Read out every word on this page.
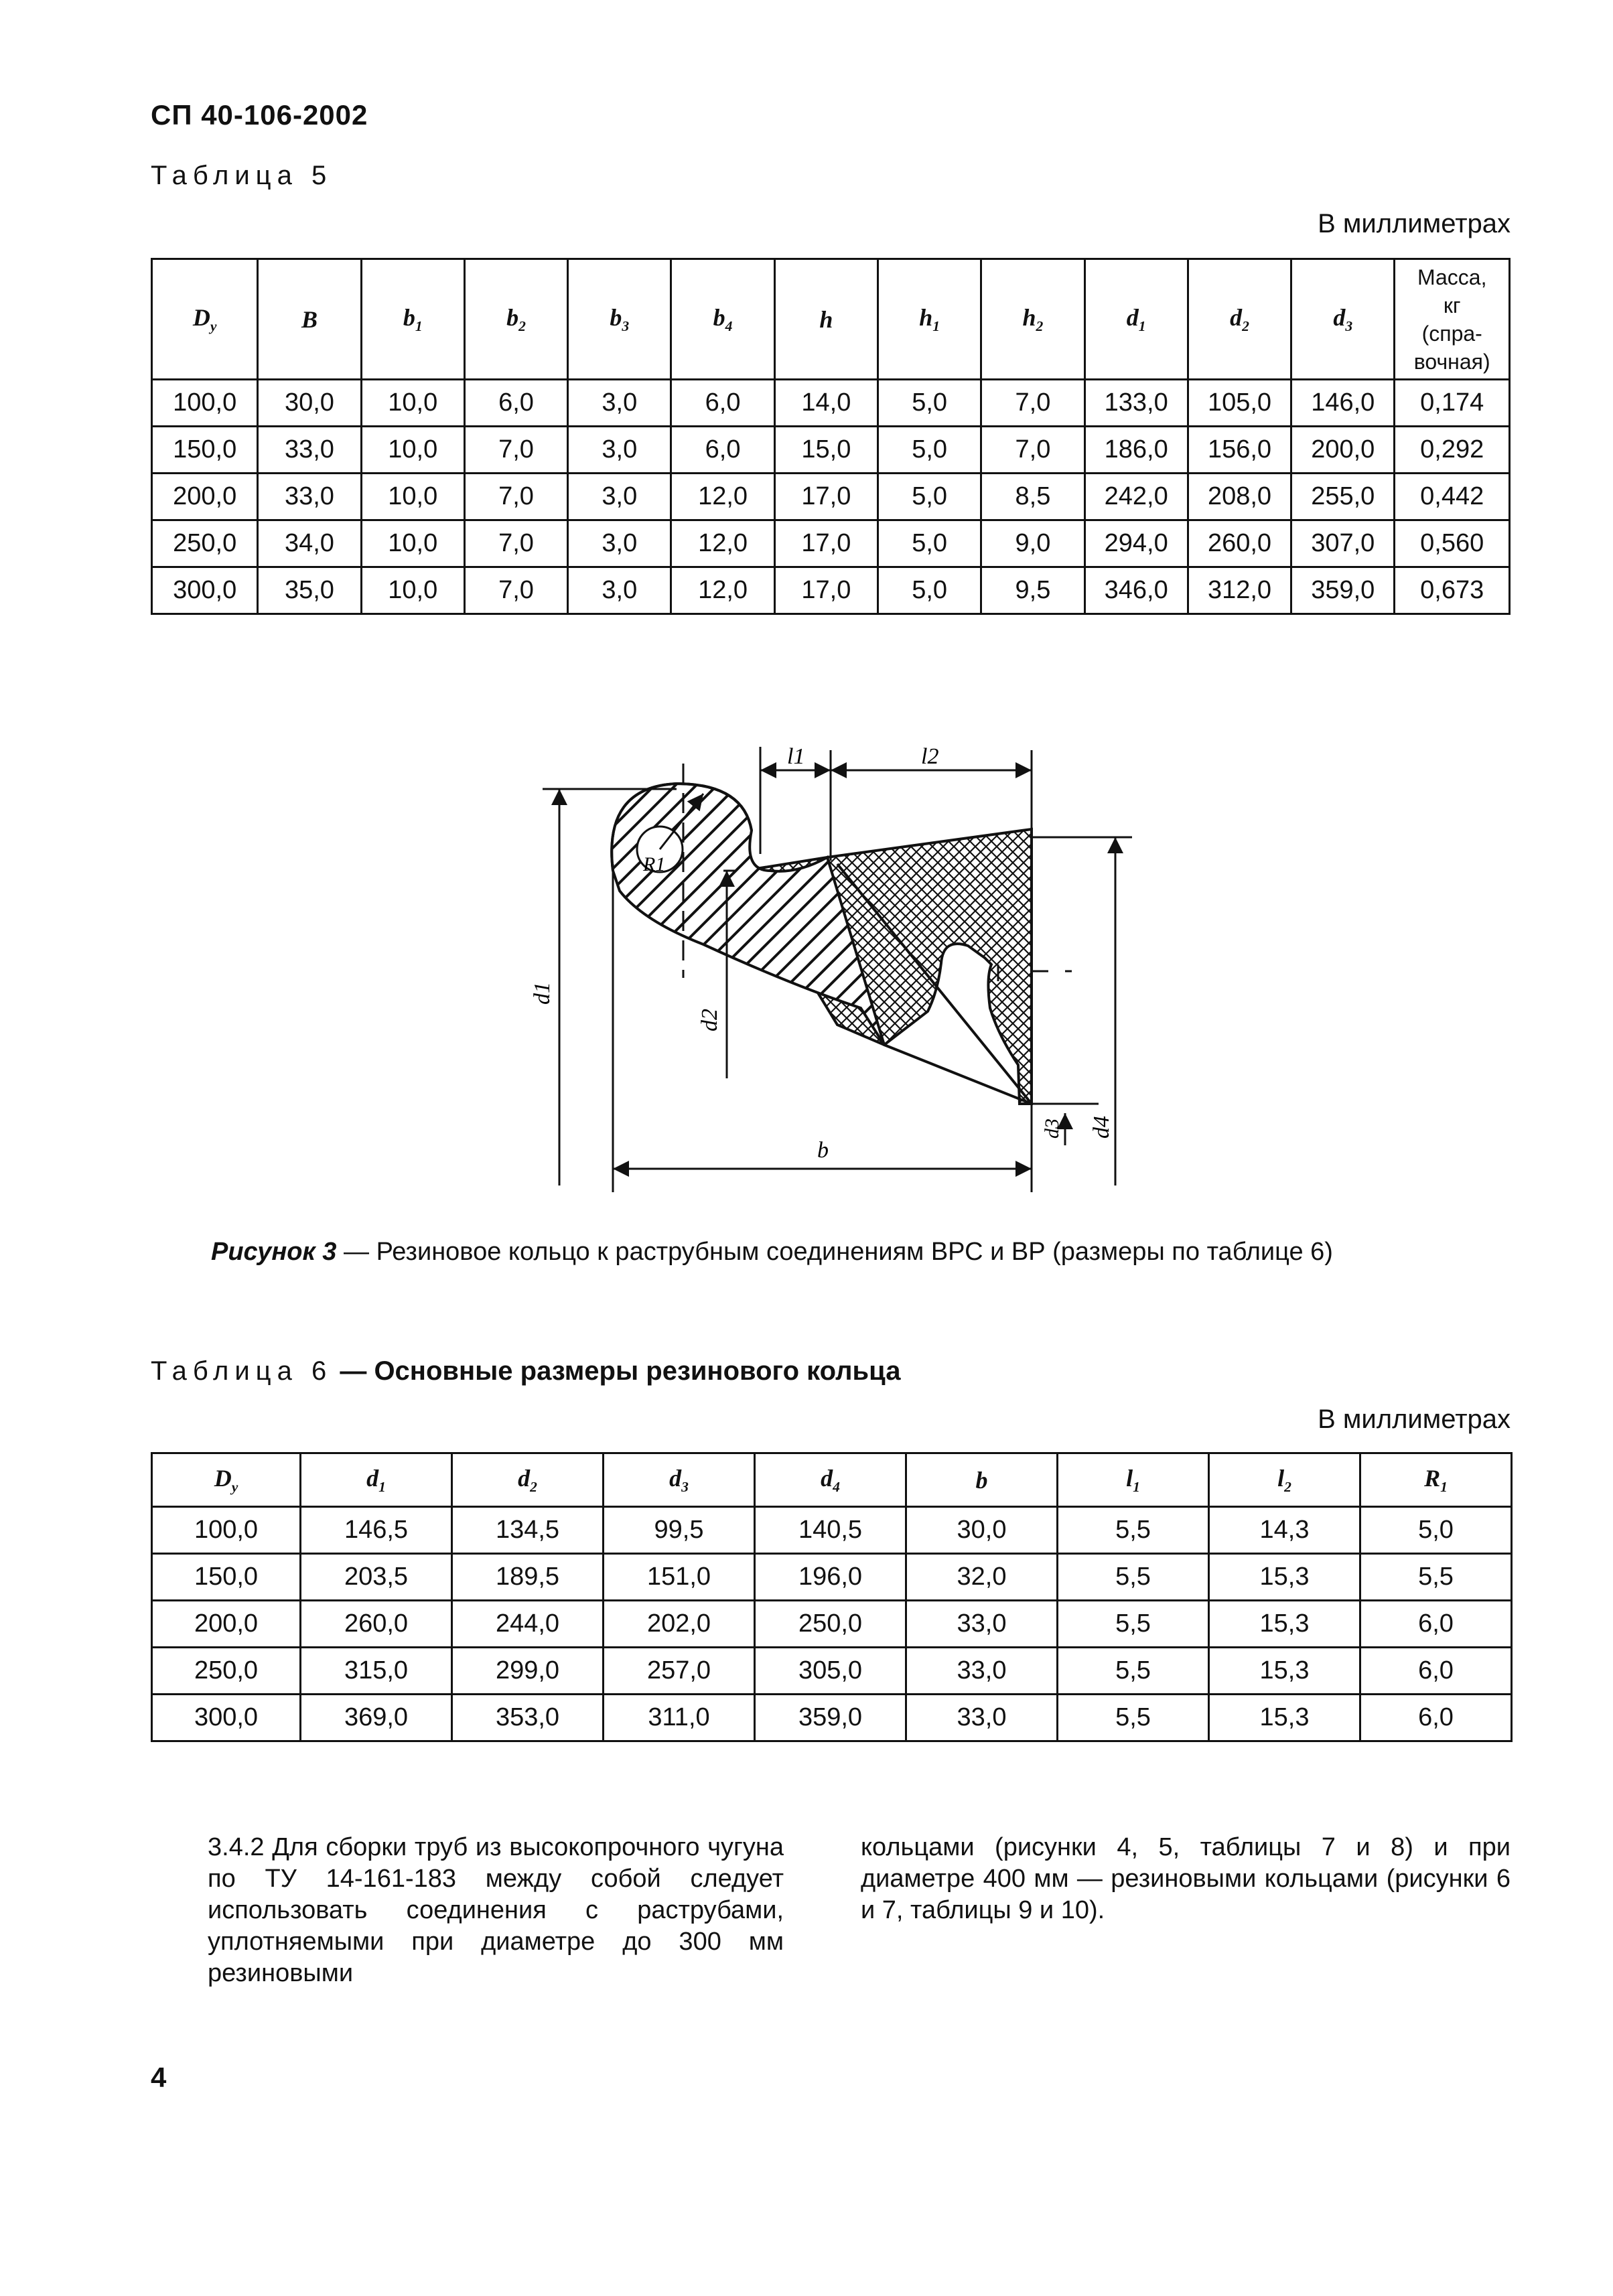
СП 40-106-2002
Таблица 5
В миллиметрах
$D_y$	B	$b_1$	$b_2$	$b_3$	$b_4$	h	$h_1$	$h_2$	$d_1$	$d_2$	$d_3$	Масса,
кг
(спра-
вочная)

100,0	30,0	10,0	6,0	3,0	6,0	14,0	5,0	7,0	133,0	105,0	146,0	0,174
150,0	33,0	10,0	7,0	3,0	6,0	15,0	5,0	7,0	186,0	156,0	200,0	0,292
200,0	33,0	10,0	7,0	3,0	12,0	17,0	5,0	8,5	242,0	208,0	255,0	0,442
250,0	34,0	10,0	7,0	3,0	12,0	17,0	5,0	9,0	294,0	260,0	307,0	0,560
300,0	35,0	10,0	7,0	3,0	12,0	17,0	5,0	9,5	346,0	312,0	359,0	0,673
R1
l1	l2
d1
d2
d4
d3
b
Рисунок 3 — Резиновое кольцо к раструбным соединениям ВРС и ВР (размеры по таблице 6)
Таблица 6 — Основные размеры резинового кольца
В миллиметрах
$D_y$	$d_1$	$d_2$	$d_3$	$d_4$	b	$l_1$	$l_2$	$R_1$
100,0	146,5	134,5	99,5	140,5	30,0	5,5	14,3	5,0
150,0	203,5	189,5	151,0	196,0	32,0	5,5	15,3	5,5
200,0	260,0	244,0	202,0	250,0	33,0	5,5	15,3	6,0
250,0	315,0	299,0	257,0	305,0	33,0	5,5	15,3	6,0
300,0	369,0	353,0	311,0	359,0	33,0	5,5	15,3	6,0
3.4.2 Для сборки труб из высокопрочного чугуна по ТУ 14-161-183 между собой следует использовать соединения с раструбами, уплотняемыми при диаметре до 300 мм резиновыми
кольцами (рисунки 4, 5, таблицы 7 и 8) и при диаметре 400 мм — резиновыми кольцами (рисунки 6 и 7, таблицы 9 и 10).
4
